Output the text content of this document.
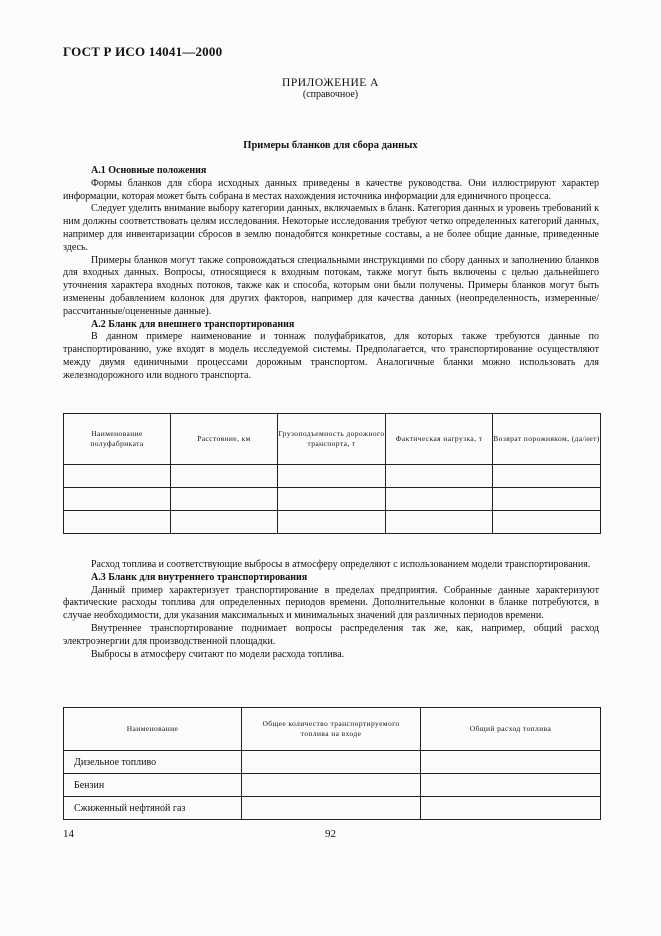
ГОСТ Р ИСО 14041—2000
ПРИЛОЖЕНИЕ А
(справочное)
Примеры бланков для сбора данных

А.1 Основные положения

Формы бланков для сбора исходных данных приведены в качестве руководства. Они иллюстрируют характер информации, которая может быть собрана в местах нахождения источника информации для единичного процесса.

Следует уделить внимание выбору категории данных, включаемых в бланк. Категория данных и уровень требований к ним должны соответствовать целям исследования. Некоторые исследования требуют четко определенных категорий данных, например для инвентаризации сбросов в землю понадобятся конкретные составы, а не более общие данные, приведенные здесь.

Примеры бланков могут также сопровождаться специальными инструкциями по сбору данных и заполнению бланков для входных данных. Вопросы, относящиеся к входным потокам, также могут быть включены с целью дальнейшего уточнения характера входных потоков, также как и способа, которым они были получены. Примеры бланков могут быть изменены добавлением колонок для других факторов, например для качества данных (неопределенность, измеренные/рассчитанные/оцененные данные).

А.2 Бланк для внешнего транспортирования

В данном примере наименование и тоннаж полуфабрикатов, для которых также требуются данные по транспортированию, уже входят в модель исследуемой системы. Предполагается, что транспортирование осуществляют между двумя единичными процессами дорожным транспортом. Аналогичные бланки можно использовать для железнодорожного или водного транспорта.

Наименование полуфабриката	Расстояние, км	Грузоподъемность дорожного транспорта, т	Фактическая нагрузка, т	Возврат порожняком, (да/нет)

Расход топлива и соответствующие выбросы в атмосферу определяют с использованием модели транспортирования.

А.3 Бланк для внутреннего транспортирования

Данный пример характеризует транспортирование в пределах предприятия. Собранные данные характеризуют фактические расходы топлива для определенных периодов времени. Дополнительные колонки в бланке потребуются, в случае необходимости, для указания максимальных и минимальных значений для различных периодов времени.

Внутреннее транспортирование поднимает вопросы распределения так же, как, например, общий расход электроэнергии для производственной площадки.

Выбросы в атмосферу считают по модели расхода топлива.

Наименование	Общее количество транспортируемого топлива на входе	Общий расход топлива
Дизельное топливо		
Бензин		
Сжиженный нефтяной газ		
14	92
